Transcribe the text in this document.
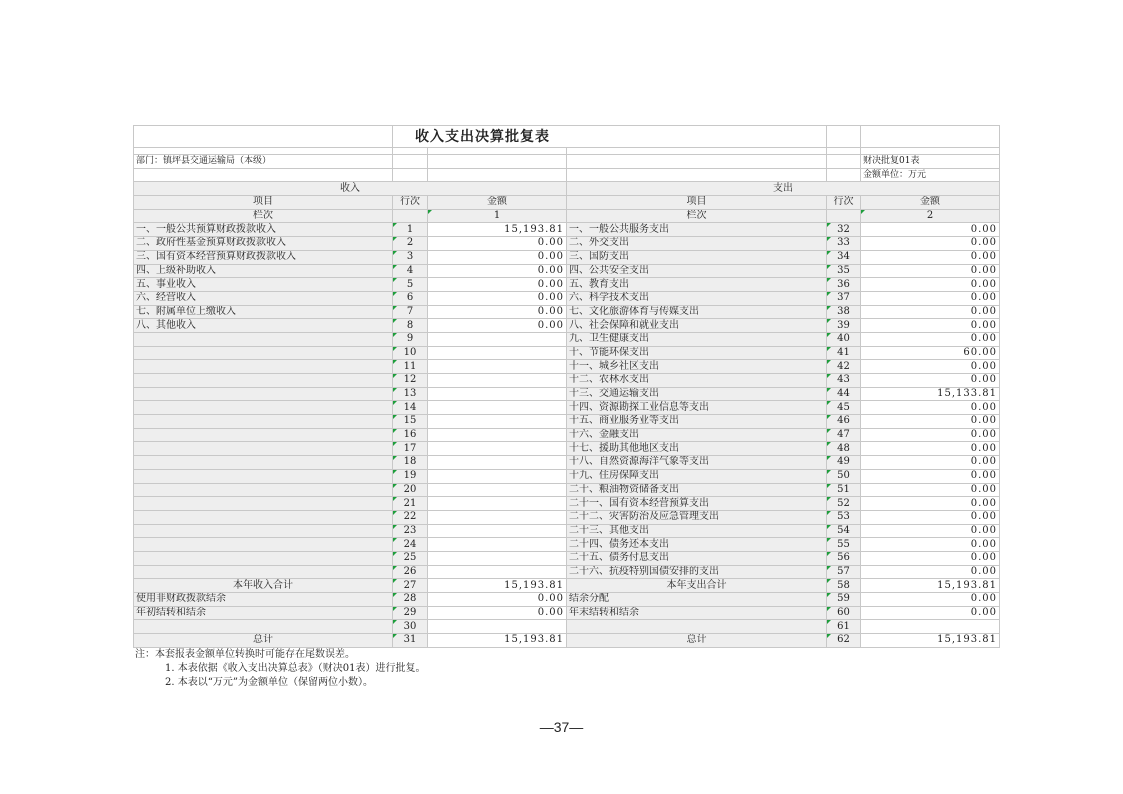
	收入支出决算批复表				

部门：镇坪县交通运输局（本级）					财决批复01表
					金额单位：万元
收入			支出		
项目	行次	金额	项目	行次	金额
栏次		1	栏次		2
一、一般公共预算财政拨款收入	1	15,193.81	一、一般公共服务支出	32	0.00
二、政府性基金预算财政拨款收入	2	0.00	二、外交支出	33	0.00
三、国有资本经营预算财政拨款收入	3	0.00	三、国防支出	34	0.00
四、上级补助收入	4	0.00	四、公共安全支出	35	0.00
五、事业收入	5	0.00	五、教育支出	36	0.00
六、经营收入	6	0.00	六、科学技术支出	37	0.00
七、附属单位上缴收入	7	0.00	七、文化旅游体育与传媒支出	38	0.00
八、其他收入	8	0.00	八、社会保障和就业支出	39	0.00
	9		九、卫生健康支出	40	0.00
	10		十、节能环保支出	41	60.00
	11		十一、城乡社区支出	42	0.00
	12		十二、农林水支出	43	0.00
	13		十三、交通运输支出	44	15,133.81
	14		十四、资源勘探工业信息等支出	45	0.00
	15		十五、商业服务业等支出	46	0.00
	16		十六、金融支出	47	0.00
	17		十七、援助其他地区支出	48	0.00
	18		十八、自然资源海洋气象等支出	49	0.00
	19		十九、住房保障支出	50	0.00
	20		二十、粮油物资储备支出	51	0.00
	21		二十一、国有资本经营预算支出	52	0.00
	22		二十二、灾害防治及应急管理支出	53	0.00
	23		二十三、其他支出	54	0.00
	24		二十四、债务还本支出	55	0.00
	25		二十五、债务付息支出	56	0.00
	26		二十六、抗疫特别国债安排的支出	57	0.00
本年收入合计	27	15,193.81	本年支出合计	58	15,193.81
使用非财政拨款结余	28	0.00	结余分配	59	0.00
年初结转和结余	29	0.00	年末结转和结余	60	0.00
	30			61	
总计	31	15,193.81	总计	62	15,193.81
注：本套报表金额单位转换时可能存在尾数误差。
1. 本表依据《收入支出决算总表》（财决01表）进行批复。
2. 本表以“万元”为金额单位（保留两位小数）。
—37—
